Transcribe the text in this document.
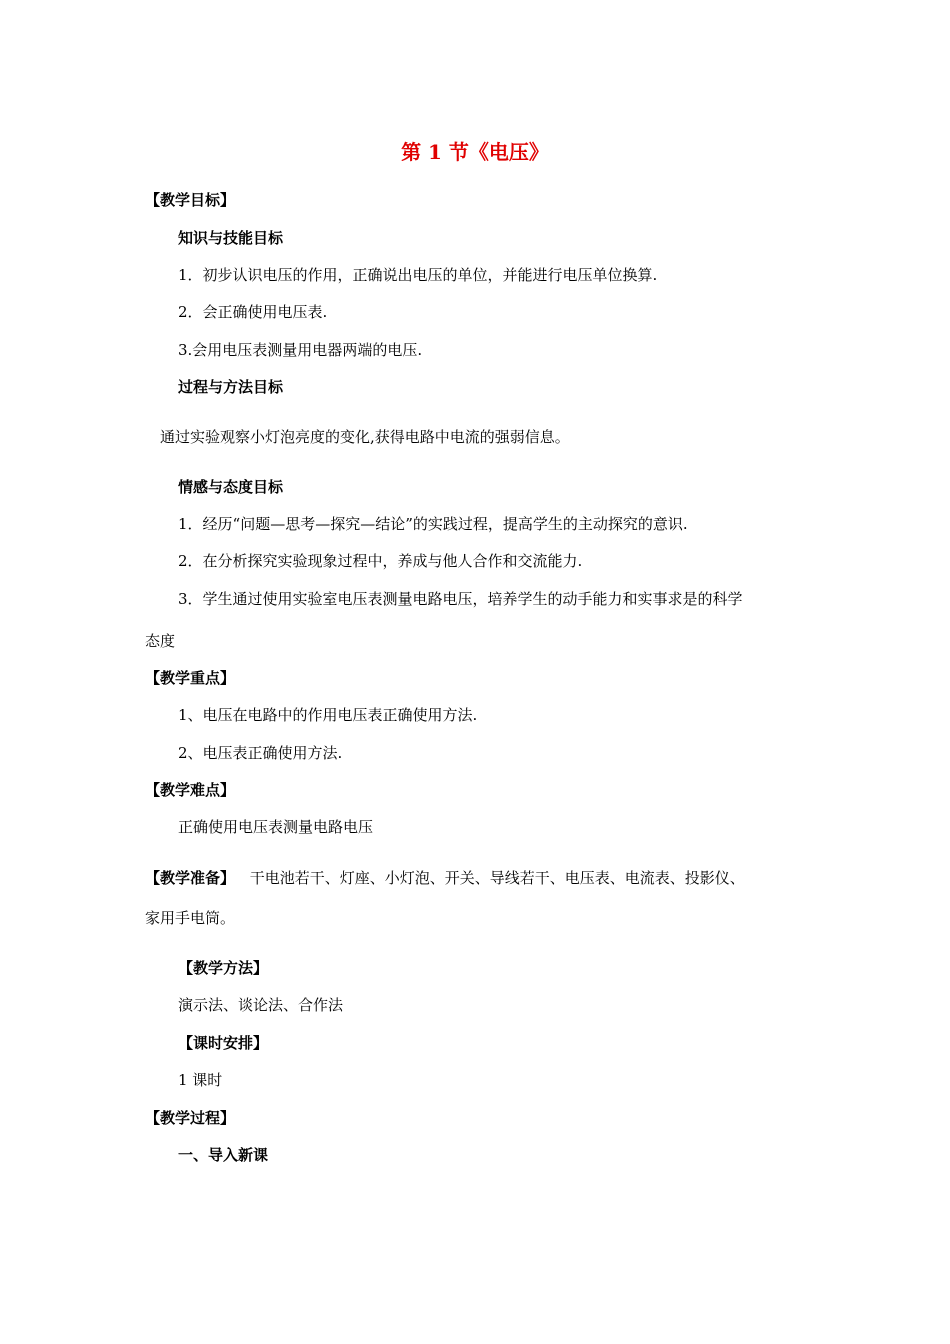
第 1 节《电压》
【教学目标】
知识与技能目标
1．初步认识电压的作用，正确说出电压的单位，并能进行电压单位换算.
2．会正确使用电压表.
3.会用电压表测量用电器两端的电压.
过程与方法目标
通过实验观察小灯泡亮度的变化,获得电路中电流的强弱信息。
情感与态度目标
1．经历“问题—思考—探究—结论”的实践过程，提高学生的主动探究的意识.
2．在分析探究实验现象过程中，养成与他人合作和交流能力.
3．学生通过使用实验室电压表测量电路电压，培养学生的动手能力和实事求是的科学
态度
【教学重点】
1、电压在电路中的作用电压表正确使用方法.
2、电压表正确使用方法.
【教学难点】
正确使用电压表测量电路电压
【教学准备】 干电池若干、灯座、小灯泡、开关、导线若干、电压表、电流表、投影仪、
家用手电筒。
【教学方法】
演示法、谈论法、合作法
【课时安排】
1 课时
【教学过程】
一、导入新课
